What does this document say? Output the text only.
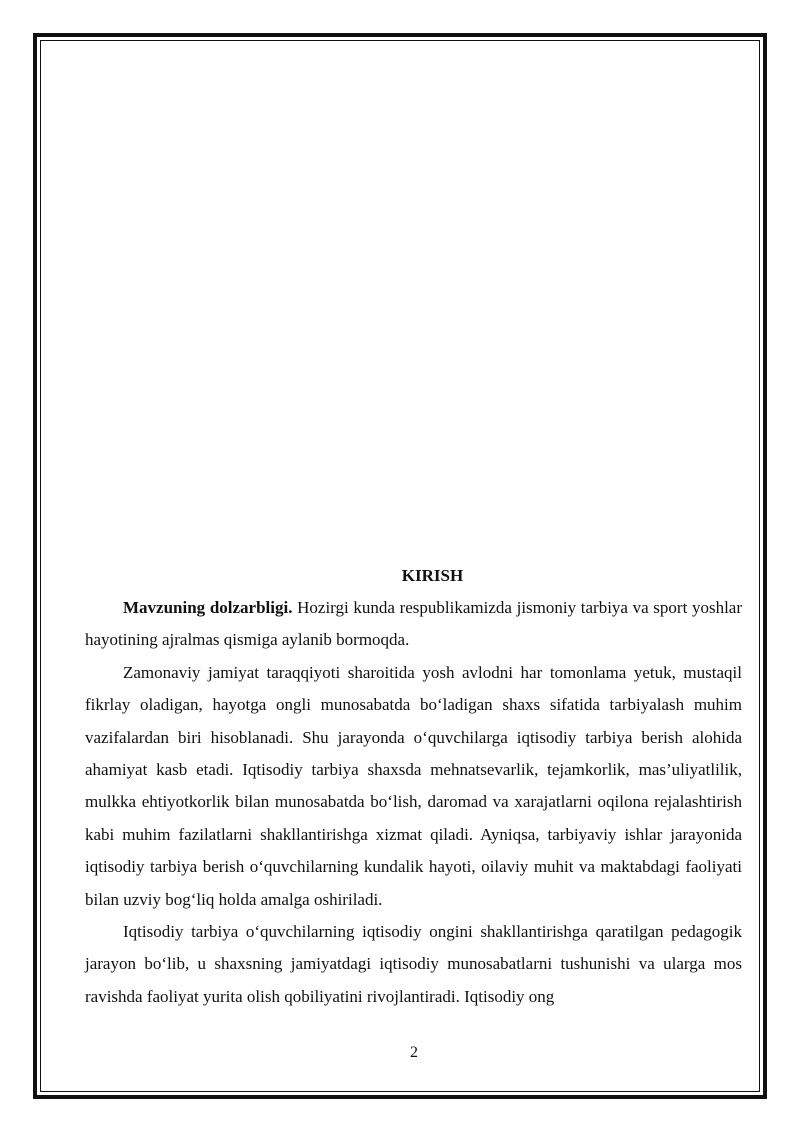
KIRISH

Mavzuning dolzarbligi. Hozirgi kunda respublikamizda jismoniy tarbiya va sport yoshlar hayotining ajralmas qismiga aylanib bormoqda.

Zamonaviy jamiyat taraqqiyoti sharoitida yosh avlodni har tomonlama yetuk, mustaqil fikrlay oladigan, hayotga ongli munosabatda bo‘ladigan shaxs sifatida tarbiyalash muhim vazifalardan biri hisoblanadi. Shu jarayonda o‘quvchilarga iqtisodiy tarbiya berish alohida ahamiyat kasb etadi. Iqtisodiy tarbiya shaxsda mehnatsevarlik, tejamkorlik, mas’uliyatlilik, mulkka ehtiyotkorlik bilan munosabatda bo‘lish, daromad va xarajatlarni oqilona rejalashtirish kabi muhim fazilatlarni shakllantirishga xizmat qiladi. Ayniqsa, tarbiyaviy ishlar jarayonida iqtisodiy tarbiya berish o‘quvchilarning kundalik hayoti, oilaviy muhit va maktabdagi faoliyati bilan uzviy bog‘liq holda amalga oshiriladi.

Iqtisodiy tarbiya o‘quvchilarning iqtisodiy ongini shakllantirishga qaratilgan pedagogik jarayon bo‘lib, u shaxsning jamiyatdagi iqtisodiy munosabatlarni tushunishi va ularga mos ravishda faoliyat yurita olish qobiliyatini rivojlantiradi. Iqtisodiy ong

2
